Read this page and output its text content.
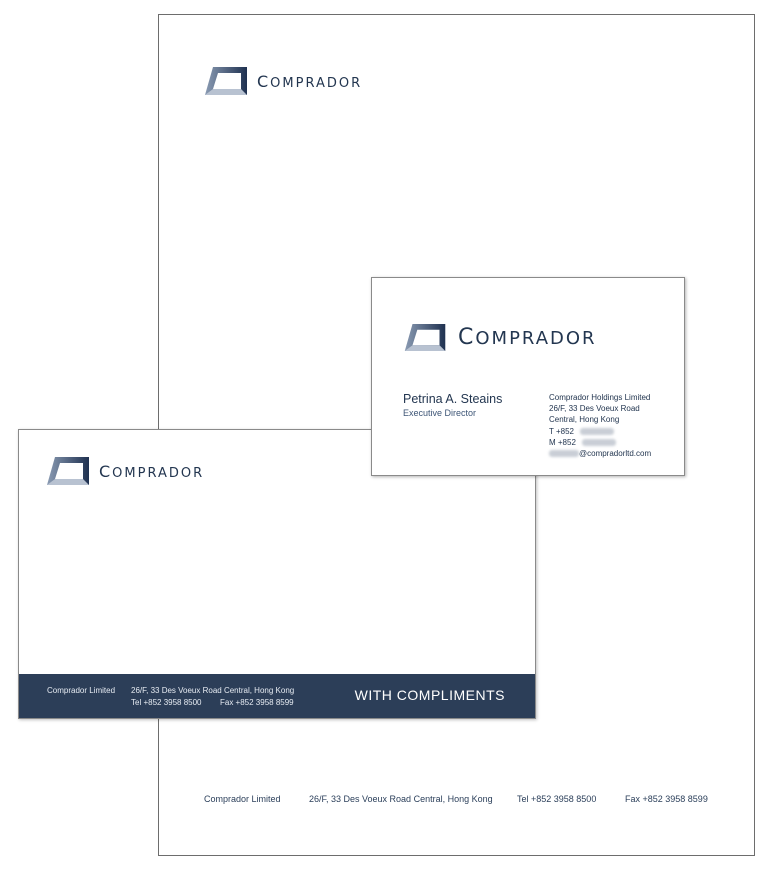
COMPRADOR
Comprador Limited	26/F, 33 Des Voeux Road Central, Hong Kong	Tel +852 3958 8500	Fax +852 3958 8599
COMPRADOR
Comprador Limited 26/F, 33 Des Voeux Road Central, Hong Kong
Tel +852 3958 8500 Fax +852 3958 8599	WITH COMPLIMENTS
COMPRADOR
Petrina A. Steains
Executive Director
Comprador Holdings Limited
26/F, 33 Des Voeux Road
Central, Hong Kong
T +852
M +852
@compradorltd.com
